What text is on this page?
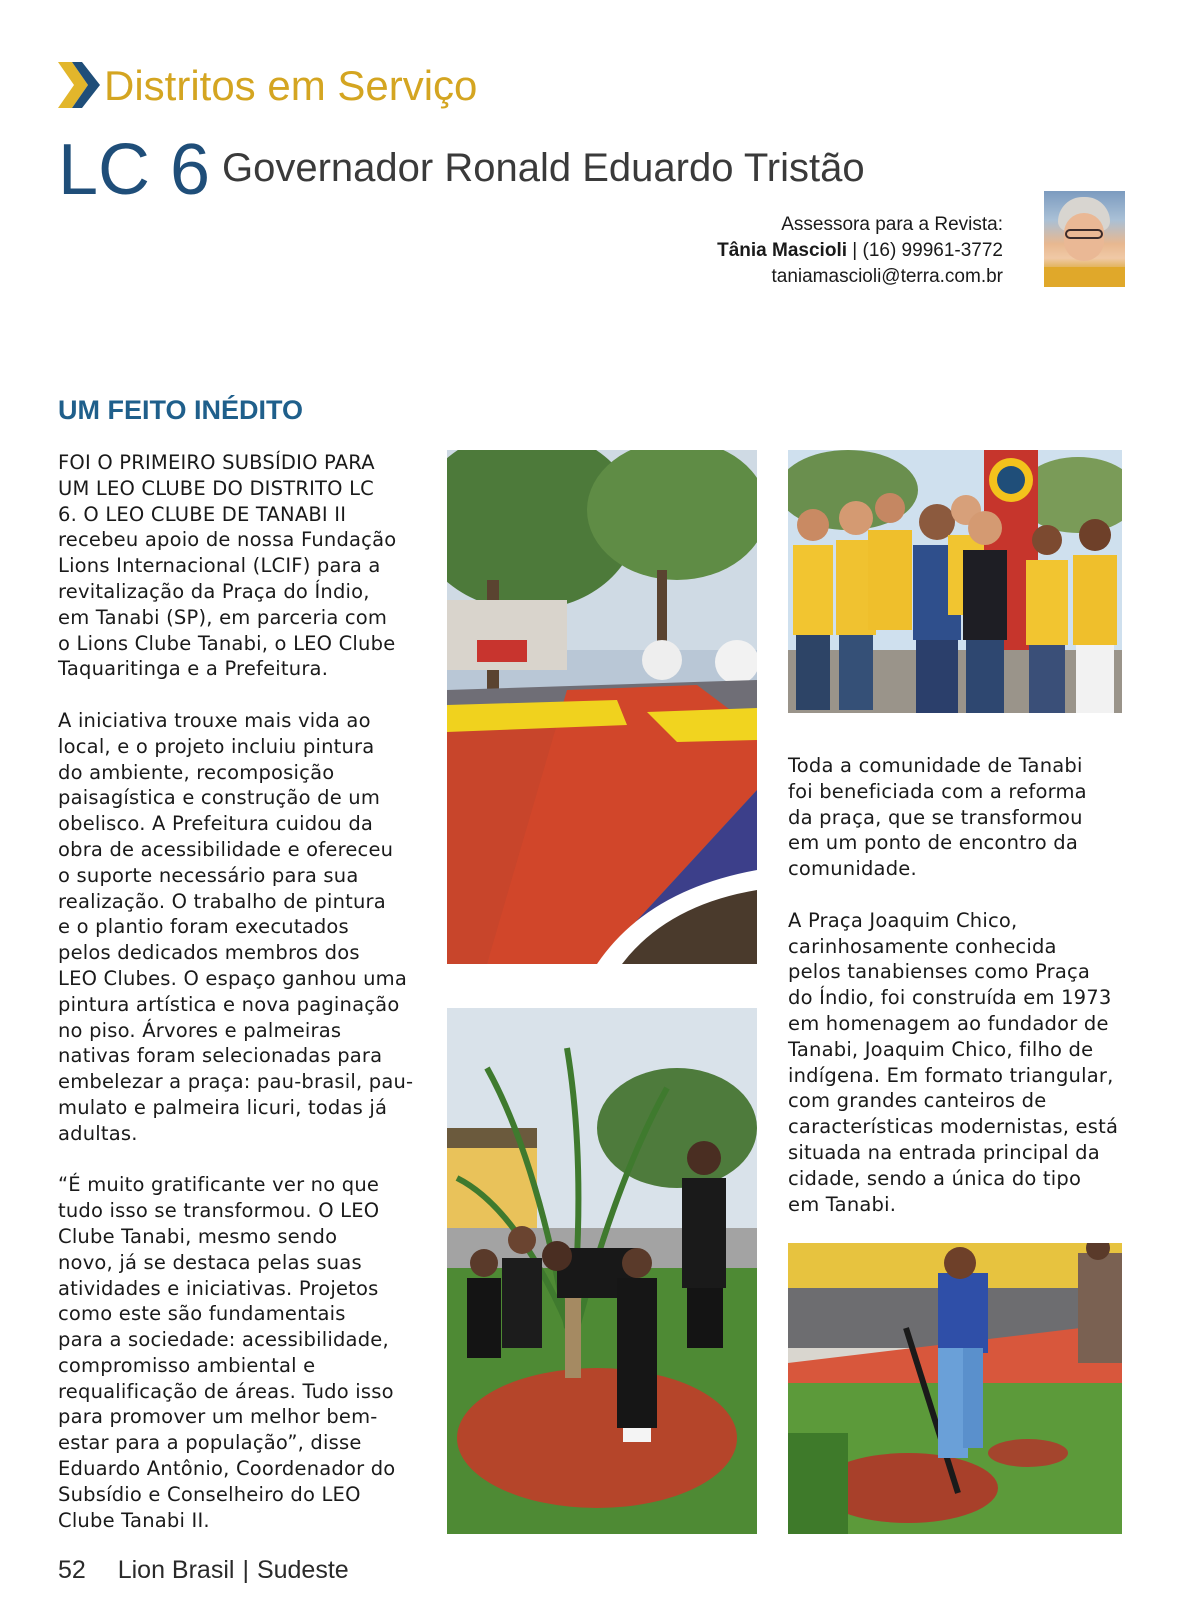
Distritos em Serviço
LC 6 Governador Ronald Eduardo Tristão
Assessora para a Revista:
Tânia Mascioli | (16) 99961-3772
taniamascioli@terra.com.br
UM FEITO INÉDITO

FOI O PRIMEIRO SUBSÍDIO PARA
UM LEO CLUBE DO DISTRITO LC
6. O LEO CLUBE DE TANABI II
recebeu apoio de nossa Fundação
Lions Internacional (LCIF) para a
revitalização da Praça do Índio,
em Tanabi (SP), em parceria com
o Lions Clube Tanabi, o LEO Clube
Taquaritinga e a Prefeitura.

A iniciativa trouxe mais vida ao
local, e o projeto incluiu pintura
do ambiente, recomposição
paisagística e construção de um
obelisco. A Prefeitura cuidou da
obra de acessibilidade e ofereceu
o suporte necessário para sua
realização. O trabalho de pintura
e o plantio foram executados
pelos dedicados membros dos
LEO Clubes. O espaço ganhou uma
pintura artística e nova paginação
no piso. Árvores e palmeiras
nativas foram selecionadas para
embelezar a praça: pau-brasil, pau-
mulato e palmeira licuri, todas já
adultas.

“É muito gratificante ver no que
tudo isso se transformou. O LEO
Clube Tanabi, mesmo sendo
novo, já se destaca pelas suas
atividades e iniciativas. Projetos
como este são fundamentais
para a sociedade: acessibilidade,
compromisso ambiental e
requalificação de áreas. Tudo isso
para promover um melhor bem-
estar para a população”, disse
Eduardo Antônio, Coordenador do
Subsídio e Conselheiro do LEO
Clube Tanabi II.

Toda a comunidade de Tanabi
foi beneficiada com a reforma
da praça, que se transformou
em um ponto de encontro da
comunidade.

A Praça Joaquim Chico,
carinhosamente conhecida
pelos tanabienses como Praça
do Índio, foi construída em 1973
em homenagem ao fundador de
Tanabi, Joaquim Chico, filho de
indígena. Em formato triangular,
com grandes canteiros de
características modernistas, está
situada na entrada principal da
cidade, sendo a única do tipo
em Tanabi.

52 Lion Brasil | Sudeste
